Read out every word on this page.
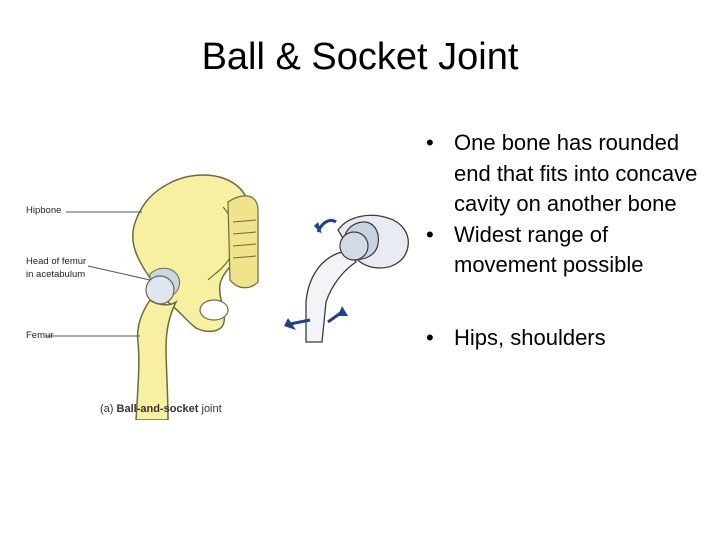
Ball & Socket Joint
Hipbone
Head of femur
in acetabulum
Femur
(a) Ball-and-socket joint
• One bone has rounded end that fits into concave cavity on another bone
• Widest range of movement possible
• Hips, shoulders
